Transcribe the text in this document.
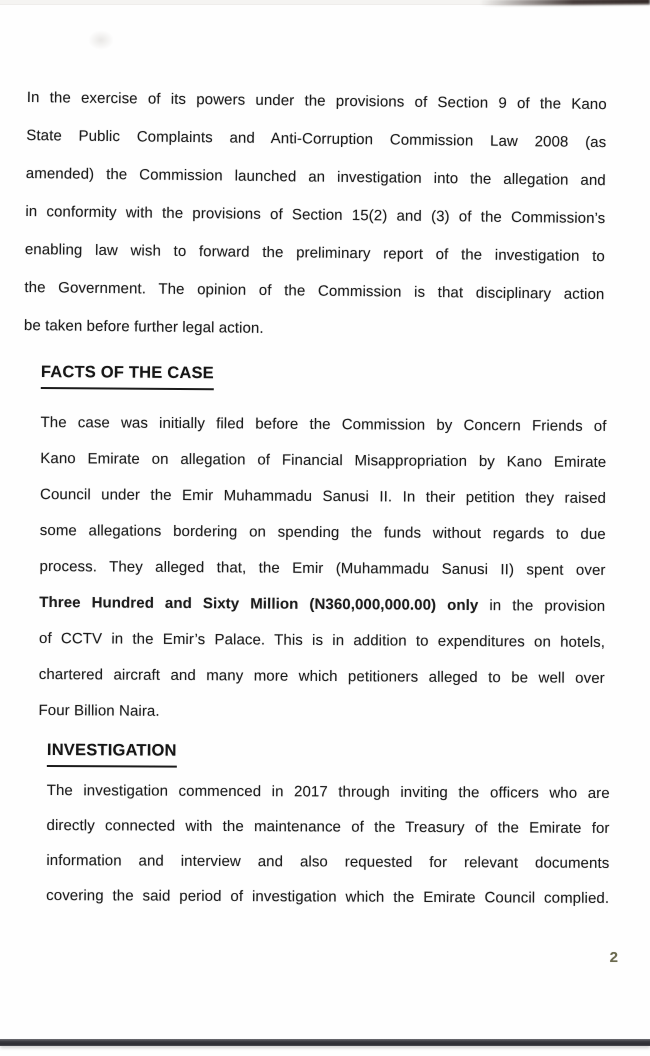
In the exercise of its powers under the provisions of Section 9 of the Kano
State Public Complaints and Anti-Corruption Commission Law 2008 (as
amended) the Commission launched an investigation into the allegation and
in conformity with the provisions of Section 15(2) and (3) of the Commission’s
enabling law wish to forward the preliminary report of the investigation to
the Government. The opinion of the Commission is that disciplinary action
be taken before further legal action.
FACTS OF THE CASE
The case was initially filed before the Commission by Concern Friends of
Kano Emirate on allegation of Financial Misappropriation by Kano Emirate
Council under the Emir Muhammadu Sanusi II. In their petition they raised
some allegations bordering on spending the funds without regards to due
process. They alleged that, the Emir (Muhammadu Sanusi II) spent over
Three Hundred and Sixty Million (N360,000,000.00) only in the provision
of CCTV in the Emir’s Palace. This is in addition to expenditures on hotels,
chartered aircraft and many more which petitioners alleged to be well over
Four Billion Naira.
INVESTIGATION
The investigation commenced in 2017 through inviting the officers who are
directly connected with the maintenance of the Treasury of the Emirate for
information and interview and also requested for relevant documents
covering the said period of investigation which the Emirate Council complied.
2
